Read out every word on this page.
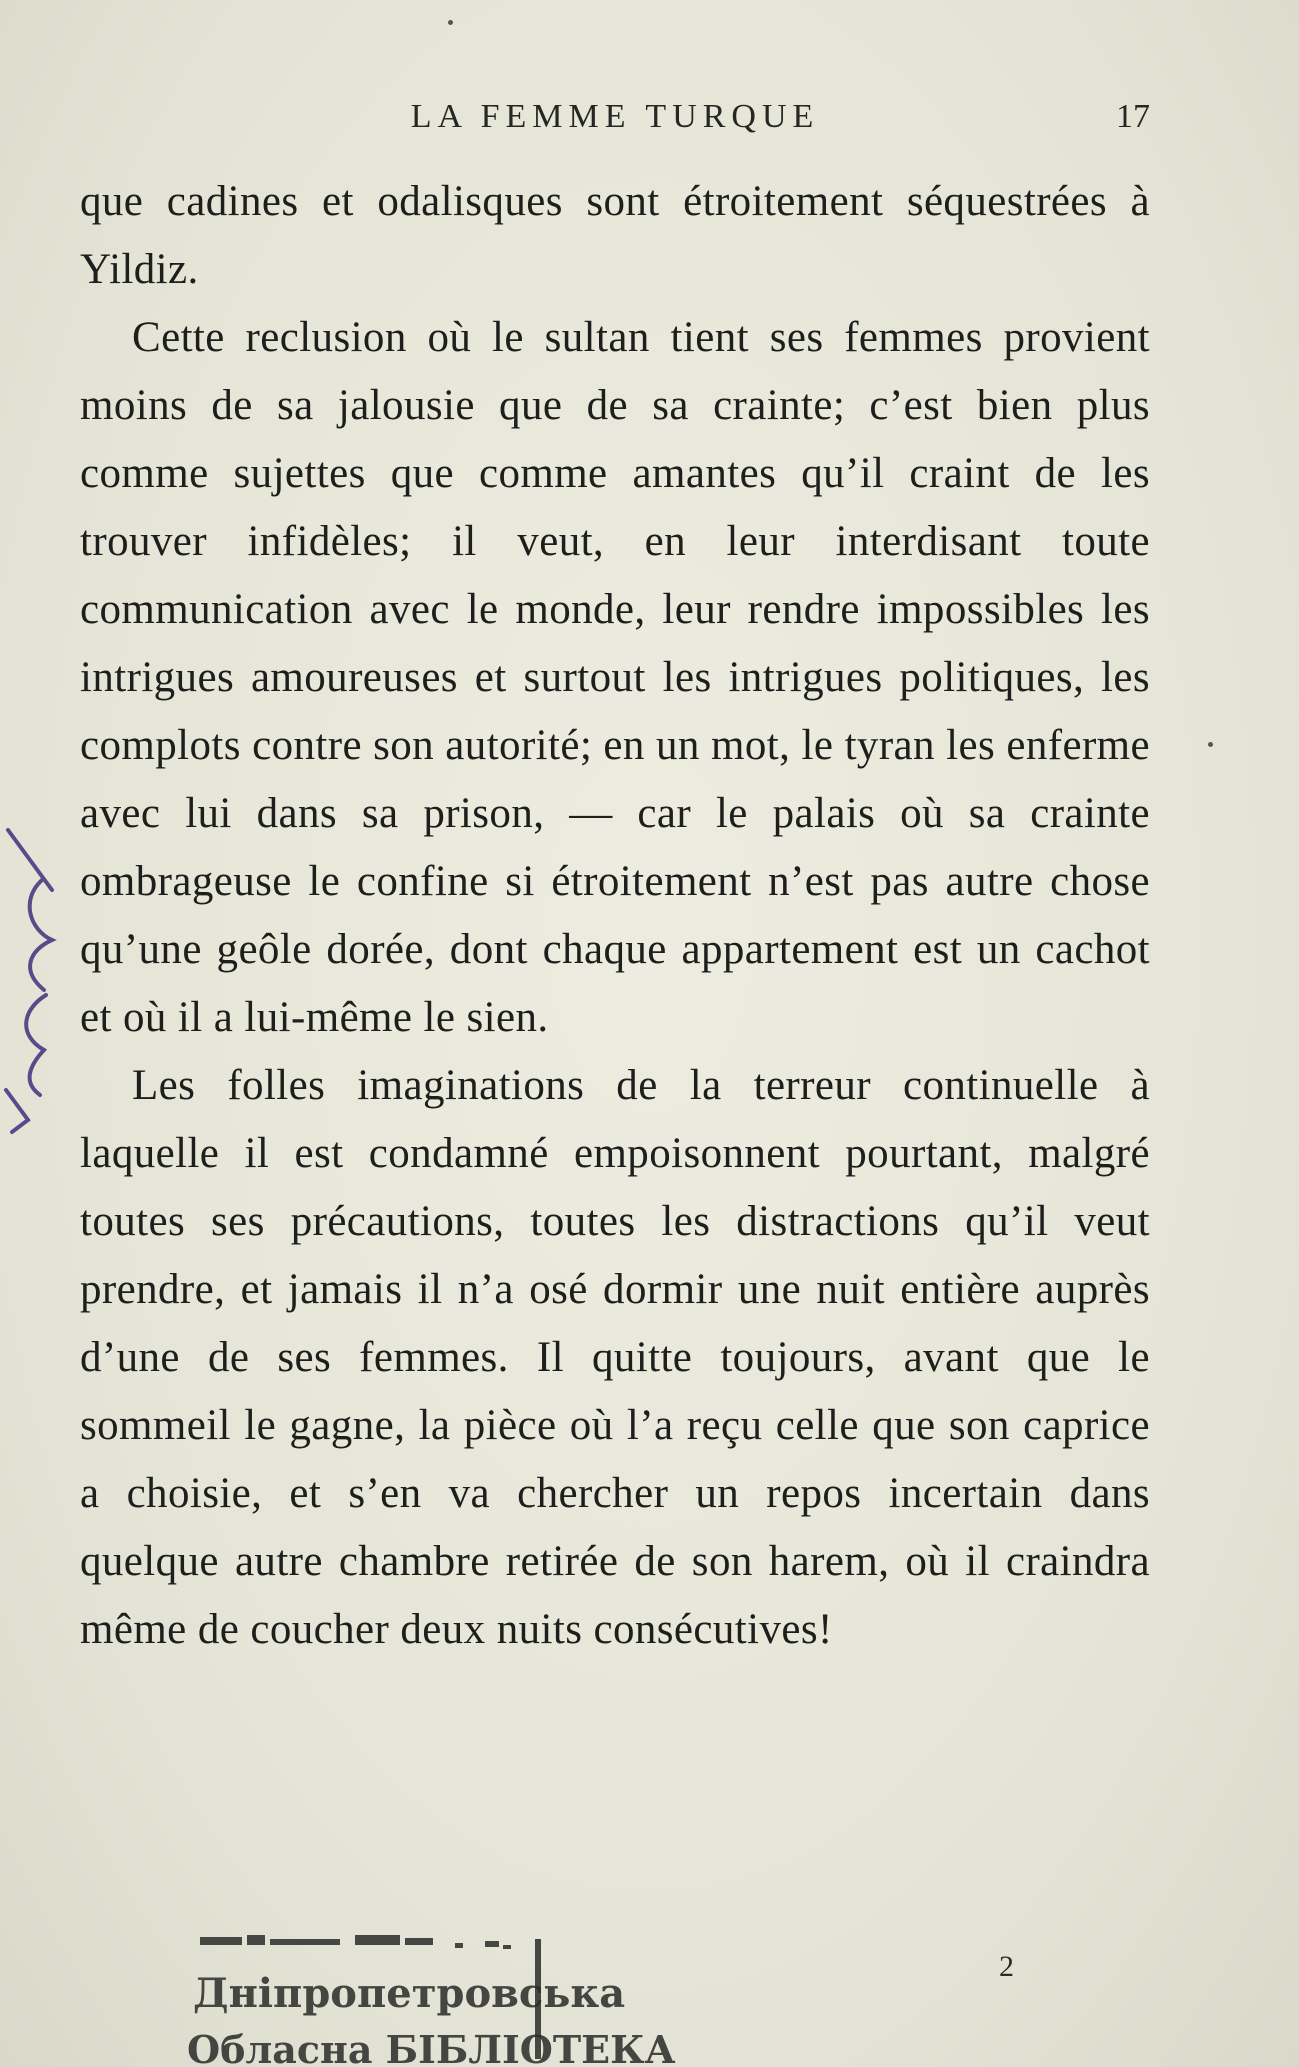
LA FEMME TURQUE	17

que cadines et odalisques sont étroitement séquestrées à Yildiz.

Cette reclusion où le sultan tient ses femmes provient moins de sa jalousie que de sa crainte; c’est bien plus comme sujettes que comme amantes qu’il craint de les trouver infidèles; il veut, en leur interdisant toute communication avec le monde, leur rendre impossibles les intrigues amoureuses et surtout les intrigues politiques, les complots contre son autorité; en un mot, le tyran les enferme avec lui dans sa prison, — car le palais où sa crainte ombrageuse le confine si étroitement n’est pas autre chose qu’une geôle dorée, dont chaque appartement est un cachot et où il a lui-même le sien.

Les folles imaginations de la terreur continuelle à laquelle il est condamné empoisonnent pourtant, malgré toutes ses précautions, toutes les distractions qu’il veut prendre, et jamais il n’a osé dormir une nuit entière auprès d’une de ses femmes. Il quitte toujours, avant que le sommeil le gagne, la pièce où l’a reçu celle que son caprice a choisie, et s’en va chercher un repos incertain dans quelque autre chambre retirée de son harem, où il craindra même de coucher deux nuits consécutives!

2
Дніпропетровська
Обласна БІБЛІОТЕКА
